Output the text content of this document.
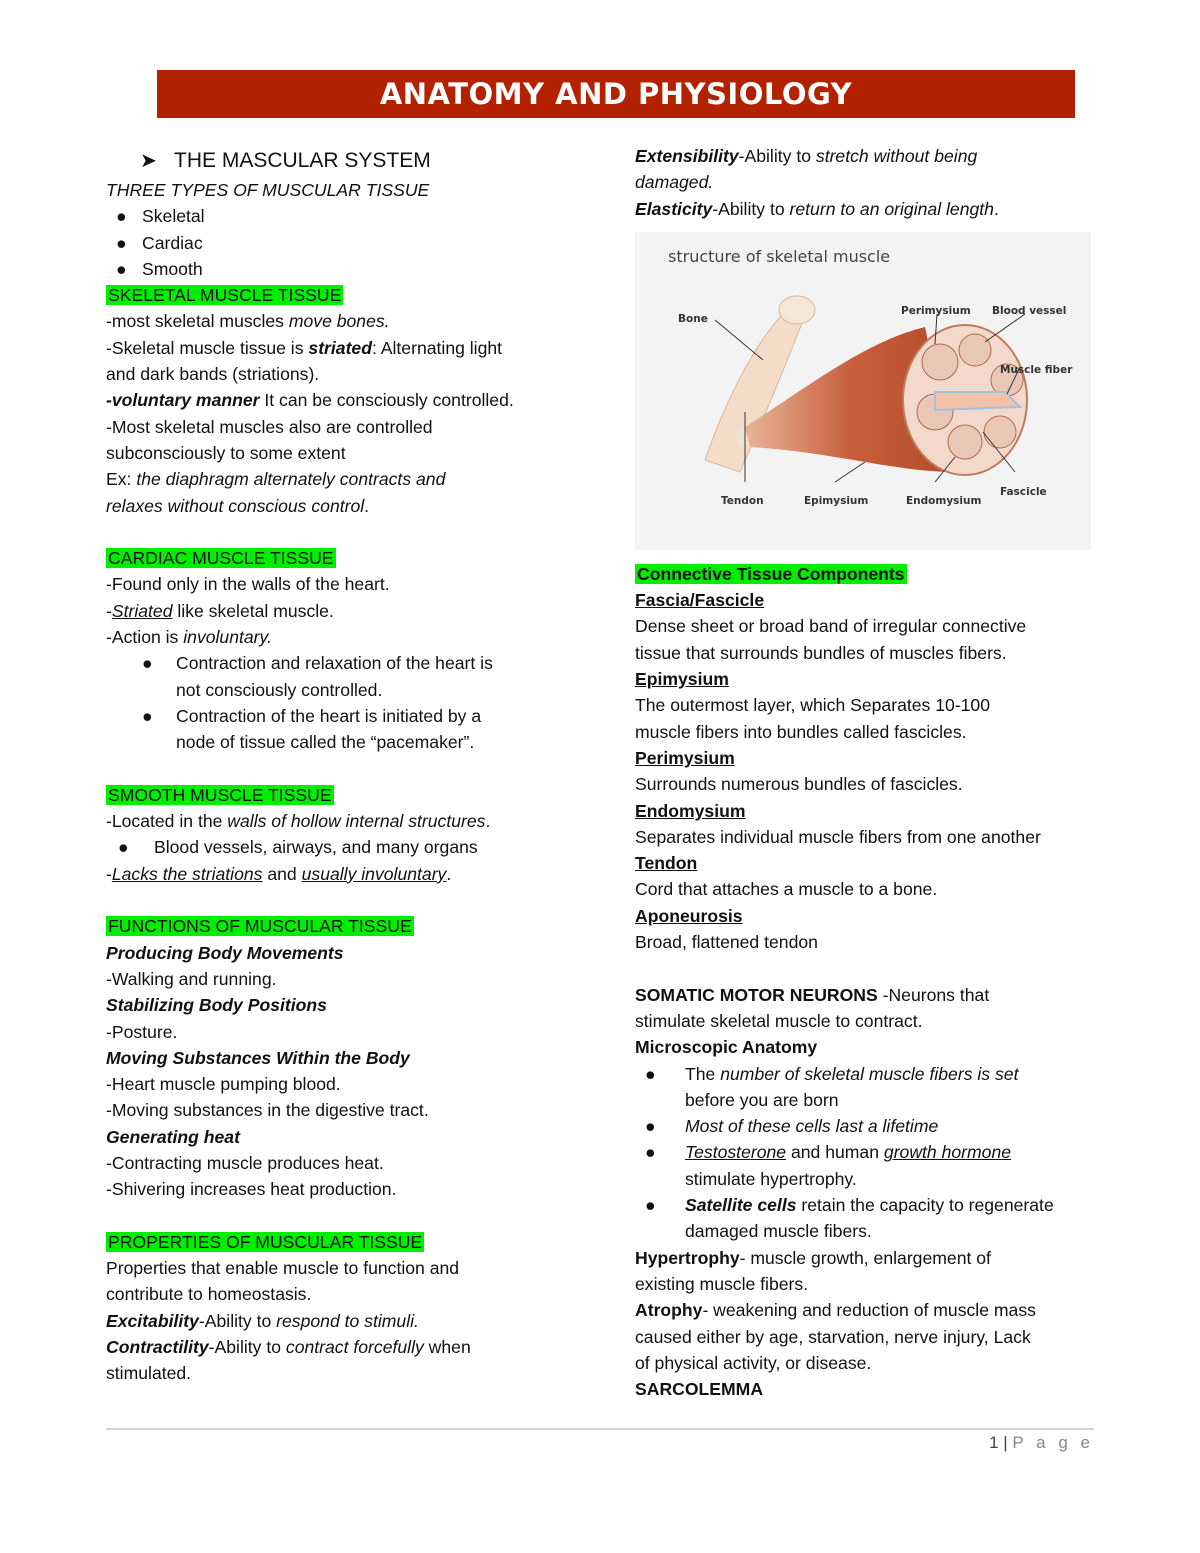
ANATOMY AND PHYSIOLOGY
➤ THE MASCULAR SYSTEM
THREE TYPES OF MUSCULAR TISSUE
● Skeletal
● Cardiac
● Smooth
SKELETAL MUSCLE TISSUE
-most skeletal muscles move bones.
-Skeletal muscle tissue is striated: Alternating light
and dark bands (striations).
-voluntary manner It can be consciously controlled.
-Most skeletal muscles also are controlled
subconsciously to some extent
Ex: the diaphragm alternately contracts and
relaxes without conscious control.
CARDIAC MUSCLE TISSUE
-Found only in the walls of the heart.
-Striated like skeletal muscle.
-Action is involuntary.
● Contraction and relaxation of the heart is
not consciously controlled.
● Contraction of the heart is initiated by a
node of tissue called the “pacemaker”.
SMOOTH MUSCLE TISSUE
-Located in the walls of hollow internal structures.
● Blood vessels, airways, and many organs
-Lacks the striations and usually involuntary.
FUNCTIONS OF MUSCULAR TISSUE
Producing Body Movements
-Walking and running.
Stabilizing Body Positions
-Posture.
Moving Substances Within the Body
-Heart muscle pumping blood.
-Moving substances in the digestive tract.
Generating heat
-Contracting muscle produces heat.
-Shivering increases heat production.
PROPERTIES OF MUSCULAR TISSUE
Properties that enable muscle to function and
contribute to homeostasis.
Excitability-Ability to respond to stimuli.
Contractility-Ability to contract forcefully when
stimulated.
Extensibility-Ability to stretch without being
damaged.
Elasticity-Ability to return to an original length.
structure of skeletal muscle
Bone
Perimysium Blood vessel
Muscle fiber
Tendon	Epimysium	Endomysium
Fascicle
Connective Tissue Components
Fascia/Fascicle
Dense sheet or broad band of irregular connective
tissue that surrounds bundles of muscles fibers.
Epimysium
The outermost layer, which Separates 10-100
muscle fibers into bundles called fascicles.
Perimysium
Surrounds numerous bundles of fascicles.
Endomysium
Separates individual muscle fibers from one another
Tendon
Cord that attaches a muscle to a bone.
Aponeurosis
Broad, flattened tendon
SOMATIC MOTOR NEURONS -Neurons that
stimulate skeletal muscle to contract.
Microscopic Anatomy
● The number of skeletal muscle fibers is set
before you are born
● Most of these cells last a lifetime
● Testosterone and human growth hormone
stimulate hypertrophy.
● Satellite cells retain the capacity to regenerate
damaged muscle fibers.
Hypertrophy- muscle growth, enlargement of
existing muscle fibers.
Atrophy- weakening and reduction of muscle mass
caused either by age, starvation, nerve injury, Lack
of physical activity, or disease.
SARCOLEMMA
1 | P a g e
